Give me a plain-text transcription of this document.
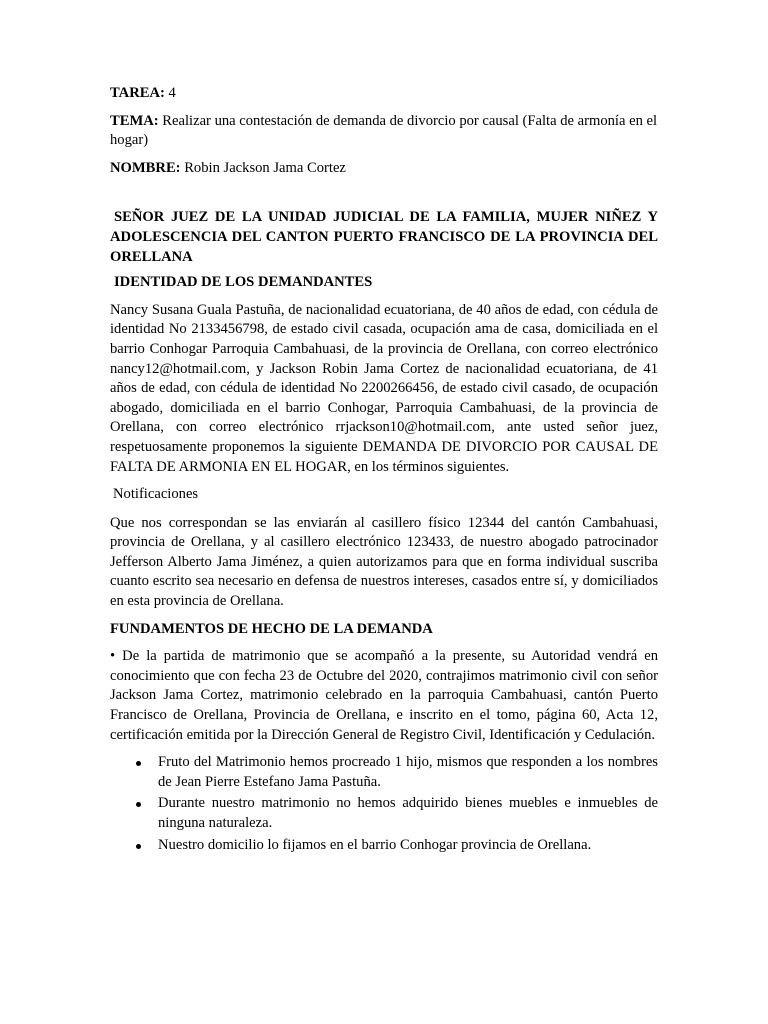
TAREA: 4

TEMA: Realizar una contestación de demanda de divorcio por causal (Falta de armonía en el hogar)

NOMBRE: Robin Jackson Jama Cortez

SEÑOR JUEZ DE LA UNIDAD JUDICIAL DE LA FAMILIA, MUJER NIÑEZ Y ADOLESCENCIA DEL CANTON PUERTO FRANCISCO DE LA PROVINCIA DEL ORELLANA

IDENTIDAD DE LOS DEMANDANTES

Nancy Susana Guala Pastuña, de nacionalidad ecuatoriana, de 40 años de edad, con cédula de identidad No 2133456798, de estado civil casada, ocupación ama de casa, domiciliada en el barrio Conhogar Parroquia Cambahuasi, de la provincia de Orellana, con correo electrónico nancy12@hotmail.com, y Jackson Robin Jama Cortez de nacionalidad ecuatoriana, de 41 años de edad, con cédula de identidad No 2200266456, de estado civil casado, de ocupación abogado, domiciliada en el barrio Conhogar, Parroquia Cambahuasi, de la provincia de Orellana, con correo electrónico rrjackson10@hotmail.com, ante usted señor juez, respetuosamente proponemos la siguiente DEMANDA DE DIVORCIO POR CAUSAL DE FALTA DE ARMONIA EN EL HOGAR, en los términos siguientes.

Notificaciones

Que nos correspondan se las enviarán al casillero físico 12344 del cantón Cambahuasi, provincia de Orellana, y al casillero electrónico 123433, de nuestro abogado patrocinador Jefferson Alberto Jama Jiménez, a quien autorizamos para que en forma individual suscriba cuanto escrito sea necesario en defensa de nuestros intereses, casados entre sí, y domiciliados en esta provincia de Orellana.

FUNDAMENTOS DE HECHO DE LA DEMANDA

• De la partida de matrimonio que se acompañó a la presente, su Autoridad vendrá en conocimiento que con fecha 23 de Octubre del 2020, contrajimos matrimonio civil con señor Jackson Jama Cortez, matrimonio celebrado en la parroquia Cambahuasi, cantón Puerto Francisco de Orellana, Provincia de Orellana, e inscrito en el tomo, página 60, Acta 12, certificación emitida por la Dirección General de Registro Civil, Identificación y Cedulación.

Fruto del Matrimonio hemos procreado 1 hijo, mismos que responden a los nombres de Jean Pierre Estefano Jama Pastuña.
Durante nuestro matrimonio no hemos adquirido bienes muebles e inmuebles de ninguna naturaleza.
Nuestro domicilio lo fijamos en el barrio Conhogar provincia de Orellana.
